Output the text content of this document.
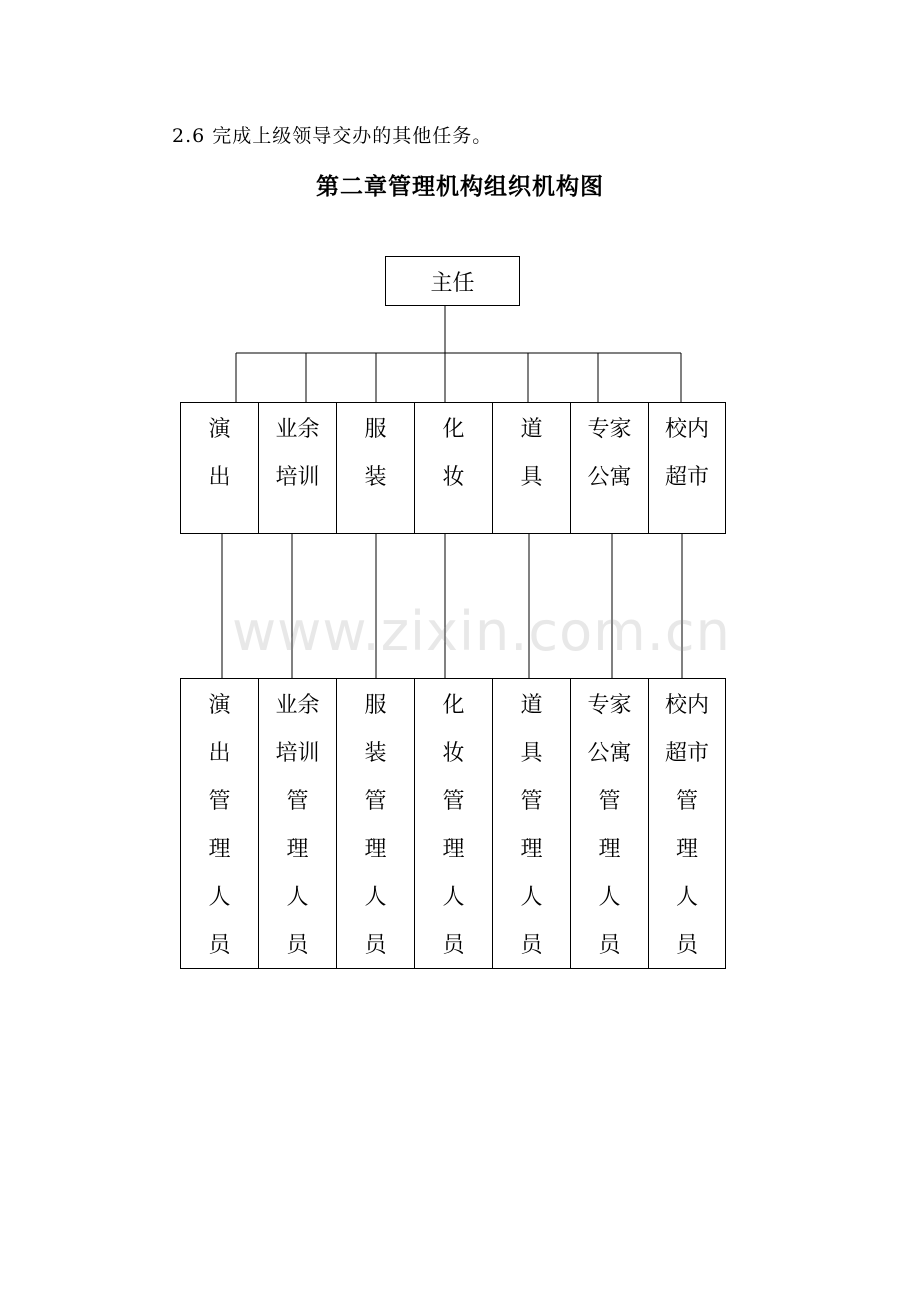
2.6 完成上级领导交办的其他任务。
第二章管理机构组织机构图
主任
演
出
业余
培训
服
装
化
妆
道
具
专家
公寓
校内
超市
演
出
管
理
人
员
业余
培训
管
理
人
员
服
装
管
理
人
员
化
妆
管
理
人
员
道
具
管
理
人
员
专家
公寓
管
理
人
员
校内
超市
管
理
人
员
www.zixin.com.cn
